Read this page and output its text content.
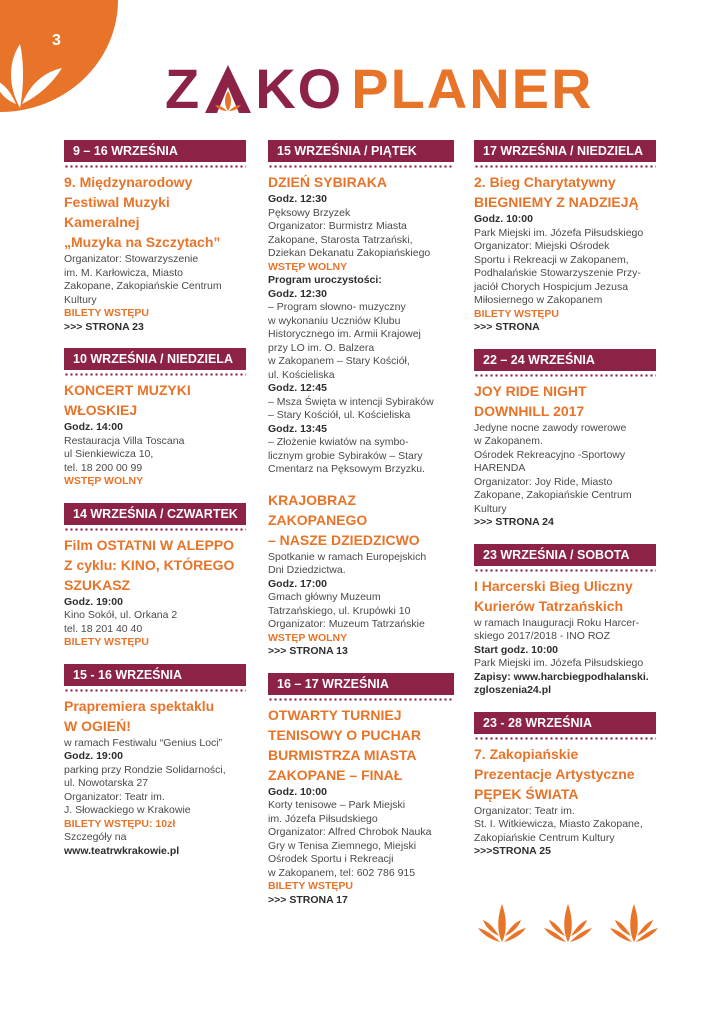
3
Z KO PLANER
9 – 16 WRZEŚNIA
9. Międzynarodowy
Festiwal Muzyki
Kameralnej
„Muzyka na Szczytach”
Organizator: Stowarzyszenie
im. M. Karłowicza, Miasto
Zakopane, Zakopiańskie Centrum
Kultury
BILETY WSTĘPU
>>> STRONA 23
10 WRZEŚNIA / NIEDZIELA
KONCERT MUZYKI
WŁOSKIEJ
Godz. 14:00
Restauracja Villa Toscana
ul Sienkiewicza 10,
tel. 18 200 00 99
WSTĘP WOLNY
14 WRZEŚNIA / CZWARTEK
Film OSTATNI W ALEPPO
Z cyklu: KINO, KTÓREGO
SZUKASZ
Godz. 19:00
Kino Sokół, ul. Orkana 2
tel. 18 201 40 40
BILETY WSTĘPU
15 - 16 WRZEŚNIA
Prapremiera spektaklu
W OGIEŃ!
w ramach Festiwalu “Genius Loci”
Godz. 19:00
parking przy Rondzie Solidarności,
ul. Nowotarska 27
Organizator: Teatr im.
J. Słowackiego w Krakowie
BILETY WSTĘPU: 10zł
Szczegóły na
www.teatrwkrakowie.pl
15 WRZEŚNIA / PIĄTEK
DZIEŃ SYBIRAKA
Godz. 12:30
Pęksowy Brzyzek
Organizator: Burmistrz Miasta
Zakopane, Starosta Tatrzański,
Dziekan Dekanatu Zakopiańskiego
WSTĘP WOLNY
Program uroczystości:
Godz. 12:30
– Program słowno- muzyczny
w wykonaniu Uczniów Klubu
Historycznego im. Armii Krajowej
przy LO im. O. Balzera
w Zakopanem – Stary Kościół,
ul. Kościeliska
Godz. 12:45
– Msza Święta w intencji Sybiraków
– Stary Kościół, ul. Kościeliska
Godz. 13:45
– Złożenie kwiatów na symbo-
licznym grobie Sybiraków – Stary
Cmentarz na Pęksowym Brzyzku.
KRAJOBRAZ
ZAKOPANEGO
– NASZE DZIEDZICWO
Spotkanie w ramach Europejskich
Dni Dziedzictwa.
Godz. 17:00
Gmach główny Muzeum
Tatrzańskiego, ul. Krupówki 10
Organizator: Muzeum Tatrzańskie
WSTĘP WOLNY
>>> STRONA 13
16 – 17 WRZEŚNIA
OTWARTY TURNIEJ
TENISOWY O PUCHAR
BURMISTRZA MIASTA
ZAKOPANE – FINAŁ
Godz. 10:00
Korty tenisowe – Park Miejski
im. Józefa Piłsudskiego
Organizator: Alfred Chrobok Nauka
Gry w Tenisa Ziemnego, Miejski
Ośrodek Sportu i Rekreacji
w Zakopanem, tel: 602 786 915
BILETY WSTĘPU
>>> STRONA 17
17 WRZEŚNIA / NIEDZIELA
2. Bieg Charytatywny
BIEGNIEMY Z NADZIEJĄ
Godz. 10:00
Park Miejski im. Józefa Piłsudskiego
Organizator: Miejski Ośrodek
Sportu i Rekreacji w Zakopanem,
Podhalańskie Stowarzyszenie Przy-
jaciół Chorych Hospicjum Jezusa
Miłosiernego w Zakopanem
BILETY WSTĘPU
>>> STRONA
22 – 24 WRZEŚNIA
JOY RIDE NIGHT
DOWNHILL 2017
Jedyne nocne zawody rowerowe
w Zakopanem.
Ośrodek Rekreacyjno -Sportowy
HARENDA
Organizator: Joy Ride, Miasto
Zakopane, Zakopiańskie Centrum
Kultury
>>> STRONA 24
23 WRZEŚNIA / SOBOTA
I Harcerski Bieg Uliczny
Kurierów Tatrzańskich
w ramach Inauguracji Roku Harcer-
skiego 2017/2018 - INO ROZ
Start godz. 10:00
Park Miejski im. Józefa Piłsudskiego
Zapisy: www.harcbiegpodhalanski.
zgloszenia24.pl
23 - 28 WRZEŚNIA
7. Zakopiańskie
Prezentacje Artystyczne
PĘPEK ŚWIATA
Organizator: Teatr im.
St. I. Witkiewicza, Miasto Zakopane,
Zakopiańskie Centrum Kultury
>>>STRONA 25
